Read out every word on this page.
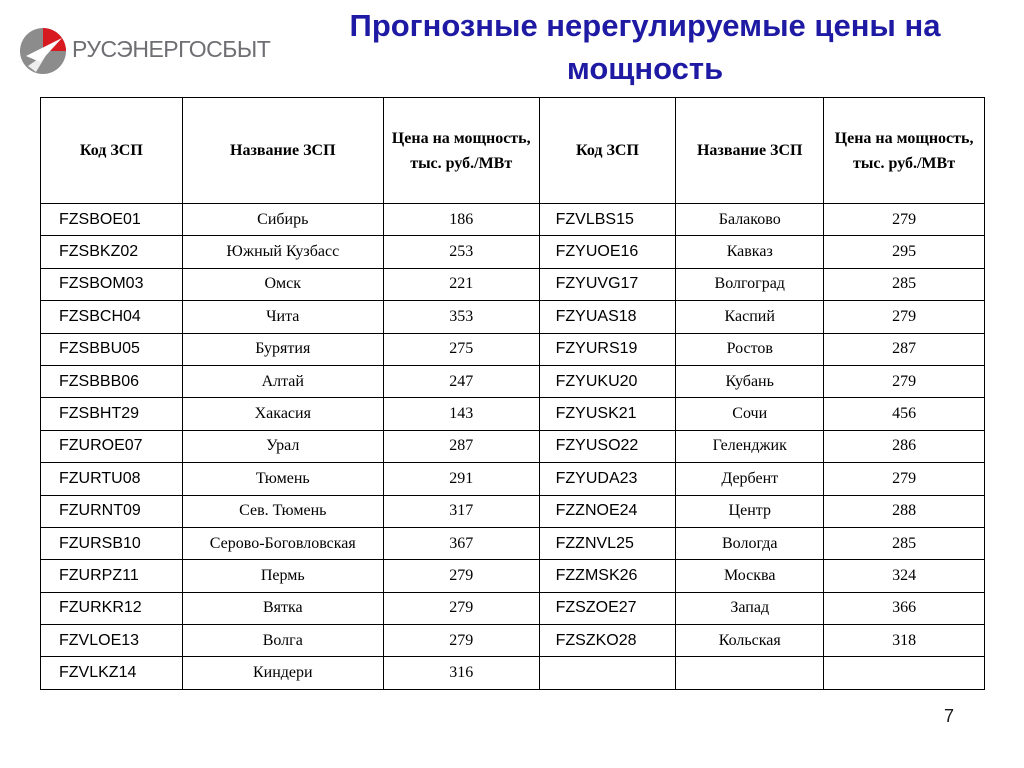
РУСЭНЕРГОСБЫТ
Прогнозные нерегулируемые цены на мощность
Код ЗСП	Название ЗСП	Цена на мощность, тыс. руб./МВт	Код ЗСП	Название ЗСП	Цена на мощность, тыс. руб./МВт
FZSBOE01	Сибирь	186	FZVLBS15	Балаково	279
FZSBKZ02	Южный Кузбасс	253	FZYUOE16	Кавказ	295
FZSBOM03	Омск	221	FZYUVG17	Волгоград	285
FZSBCH04	Чита	353	FZYUAS18	Каспий	279
FZSBBU05	Бурятия	275	FZYURS19	Ростов	287
FZSBBB06	Алтай	247	FZYUKU20	Кубань	279
FZSBHT29	Хакасия	143	FZYUSK21	Сочи	456
FZUROE07	Урал	287	FZYUSO22	Геленджик	286
FZURTU08	Тюмень	291	FZYUDA23	Дербент	279
FZURNT09	Сев. Тюмень	317	FZZNOE24	Центр	288
FZURSB10	Серово-Боговловская	367	FZZNVL25	Вологда	285
FZURPZ11	Пермь	279	FZZMSK26	Москва	324
FZURKR12	Вятка	279	FZSZOE27	Запад	366
FZVLOE13	Волга	279	FZSZKO28	Кольская	318
FZVLKZ14	Киндери	316			
7
